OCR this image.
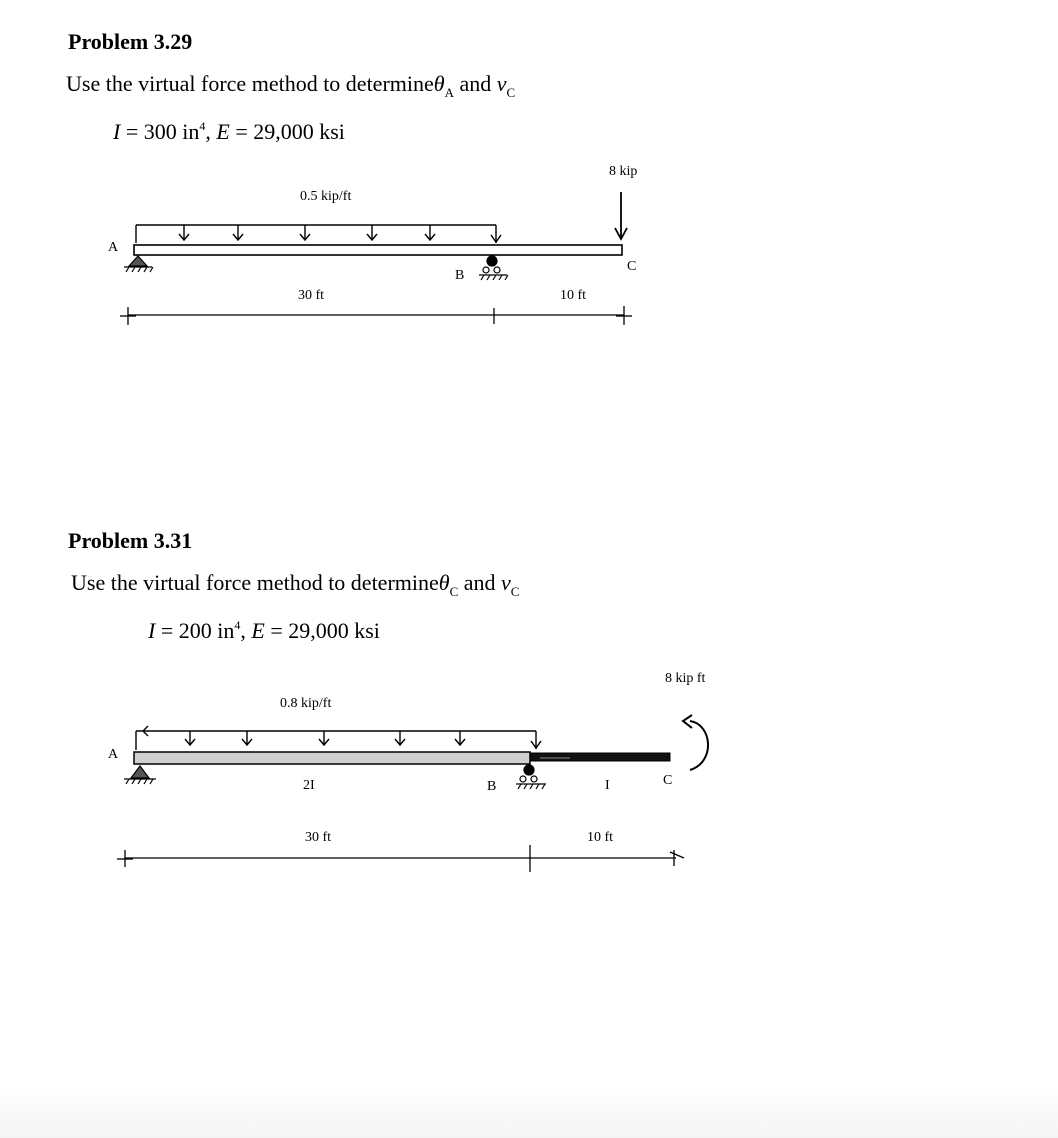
Problem 3.29
Use the virtual force method to determineθ$_A$ and $v_C$
I = 300 $in^4$, E = 29,000 ksi
0.5 kip/ft
8 kip
A
B
C
30 ft	10 ft
Problem 3.31
Use the virtual force method to determineθ$_C$ and $v_C$
I = 200 $in^4$, E = 29,000 ksi
0.8 kip/ft
8 kip ft
A
B	C
2I	I
30 ft	10 ft
